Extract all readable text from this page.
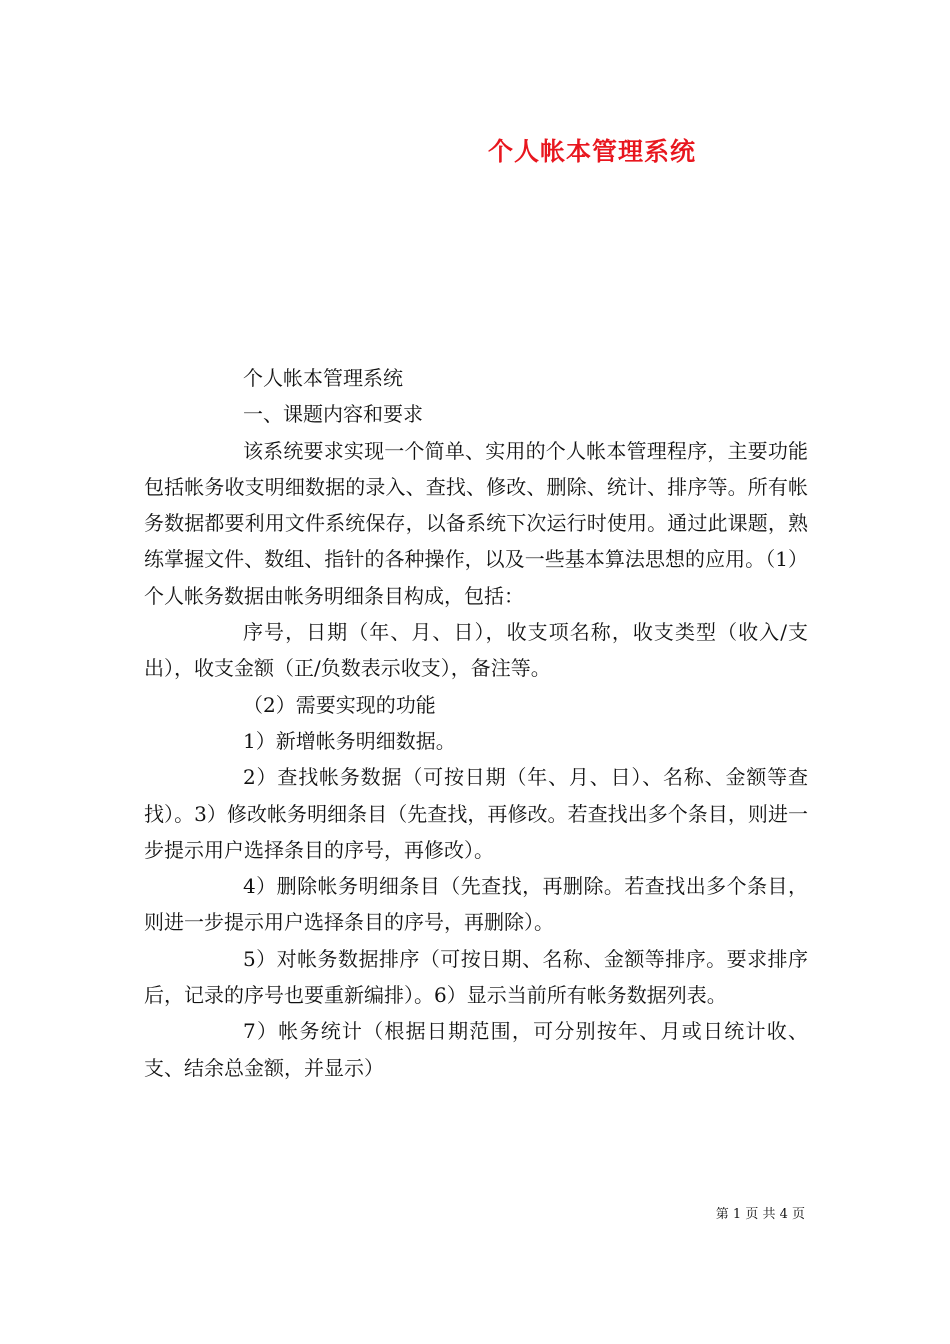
个人帐本管理系统

个人帐本管理系统

一、课题内容和要求

该系统要求实现一个简单、实用的个人帐本管理程序，主要功能包括帐务收支明细数据的录入、查找、修改、删除、统计、排序等。所有帐务数据都要利用文件系统保存，以备系统下次运行时使用。通过此课题，熟练掌握文件、数组、指针的各种操作，以及一些基本算法思想的应用。（1）个人帐务数据由帐务明细条目构成，包括：

序号，日期（年、月、日），收支项名称，收支类型（收入/支出），收支金额（正/负数表示收支），备注等。

（2）需要实现的功能

1）新增帐务明细数据。

2）查找帐务数据（可按日期（年、月、日）、名称、金额等查找）。3）修改帐务明细条目（先查找，再修改。若查找出多个条目，则进一步提示用户选择条目的序号，再修改）。

4）删除帐务明细条目（先查找，再删除。若查找出多个条目，则进一步提示用户选择条目的序号，再删除）。

5）对帐务数据排序（可按日期、名称、金额等排序。要求排序后，记录的序号也要重新编排）。6）显示当前所有帐务数据列表。

7）帐务统计（根据日期范围，可分别按年、月或日统计收、支、结余总金额，并显示）

第 1 页 共 4 页
